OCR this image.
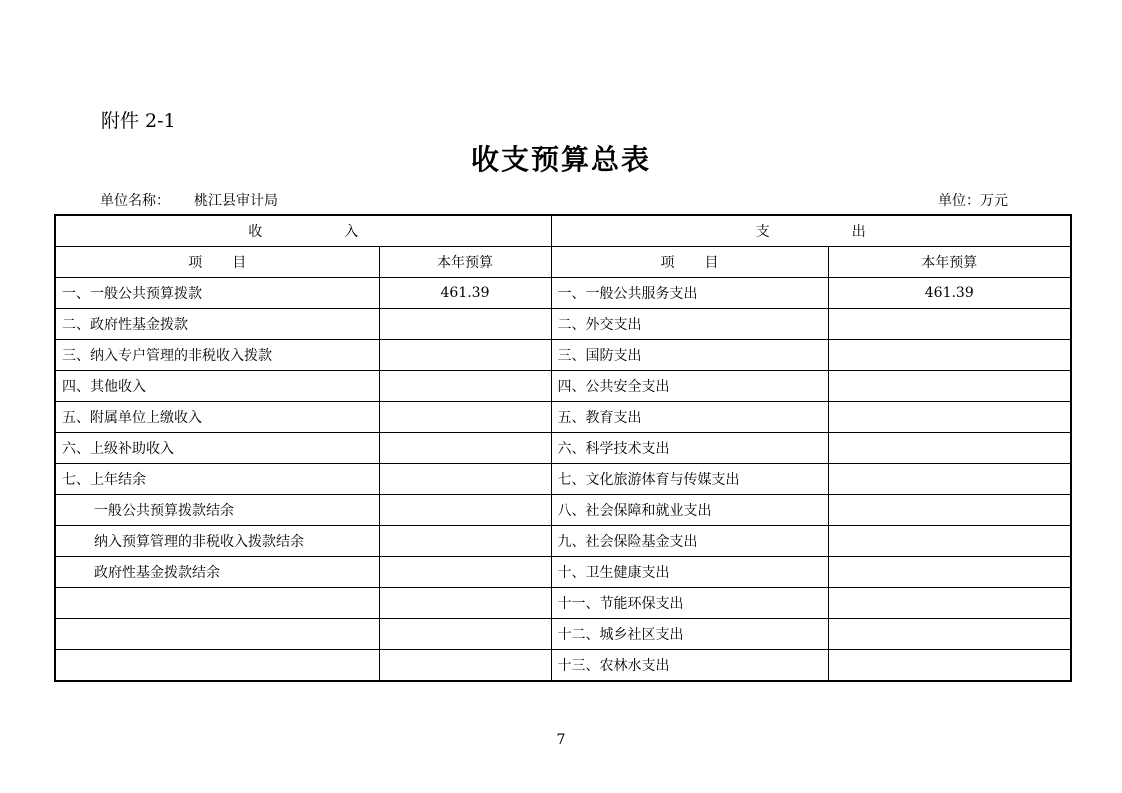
附件 2-1
收支预算总表
单位名称： 桃江县审计局	单位：万元
收　　入		支　　出	
项　目	本年预算	项　目	本年预算
一、一般公共预算拨款	461.39	一、一般公共服务支出	461.39
二、政府性基金拨款		二、外交支出	
三、纳入专户管理的非税收入拨款		三、国防支出	
四、其他收入		四、公共安全支出	
五、附属单位上缴收入		五、教育支出	
六、上级补助收入		六、科学技术支出	
七、上年结余		七、文化旅游体育与传媒支出	
一般公共预算拨款结余		八、社会保障和就业支出	
纳入预算管理的非税收入拨款结余		九、社会保险基金支出	
政府性基金拨款结余		十、卫生健康支出	
		十一、节能环保支出	
		十二、城乡社区支出	
		十三、农林水支出	
7
